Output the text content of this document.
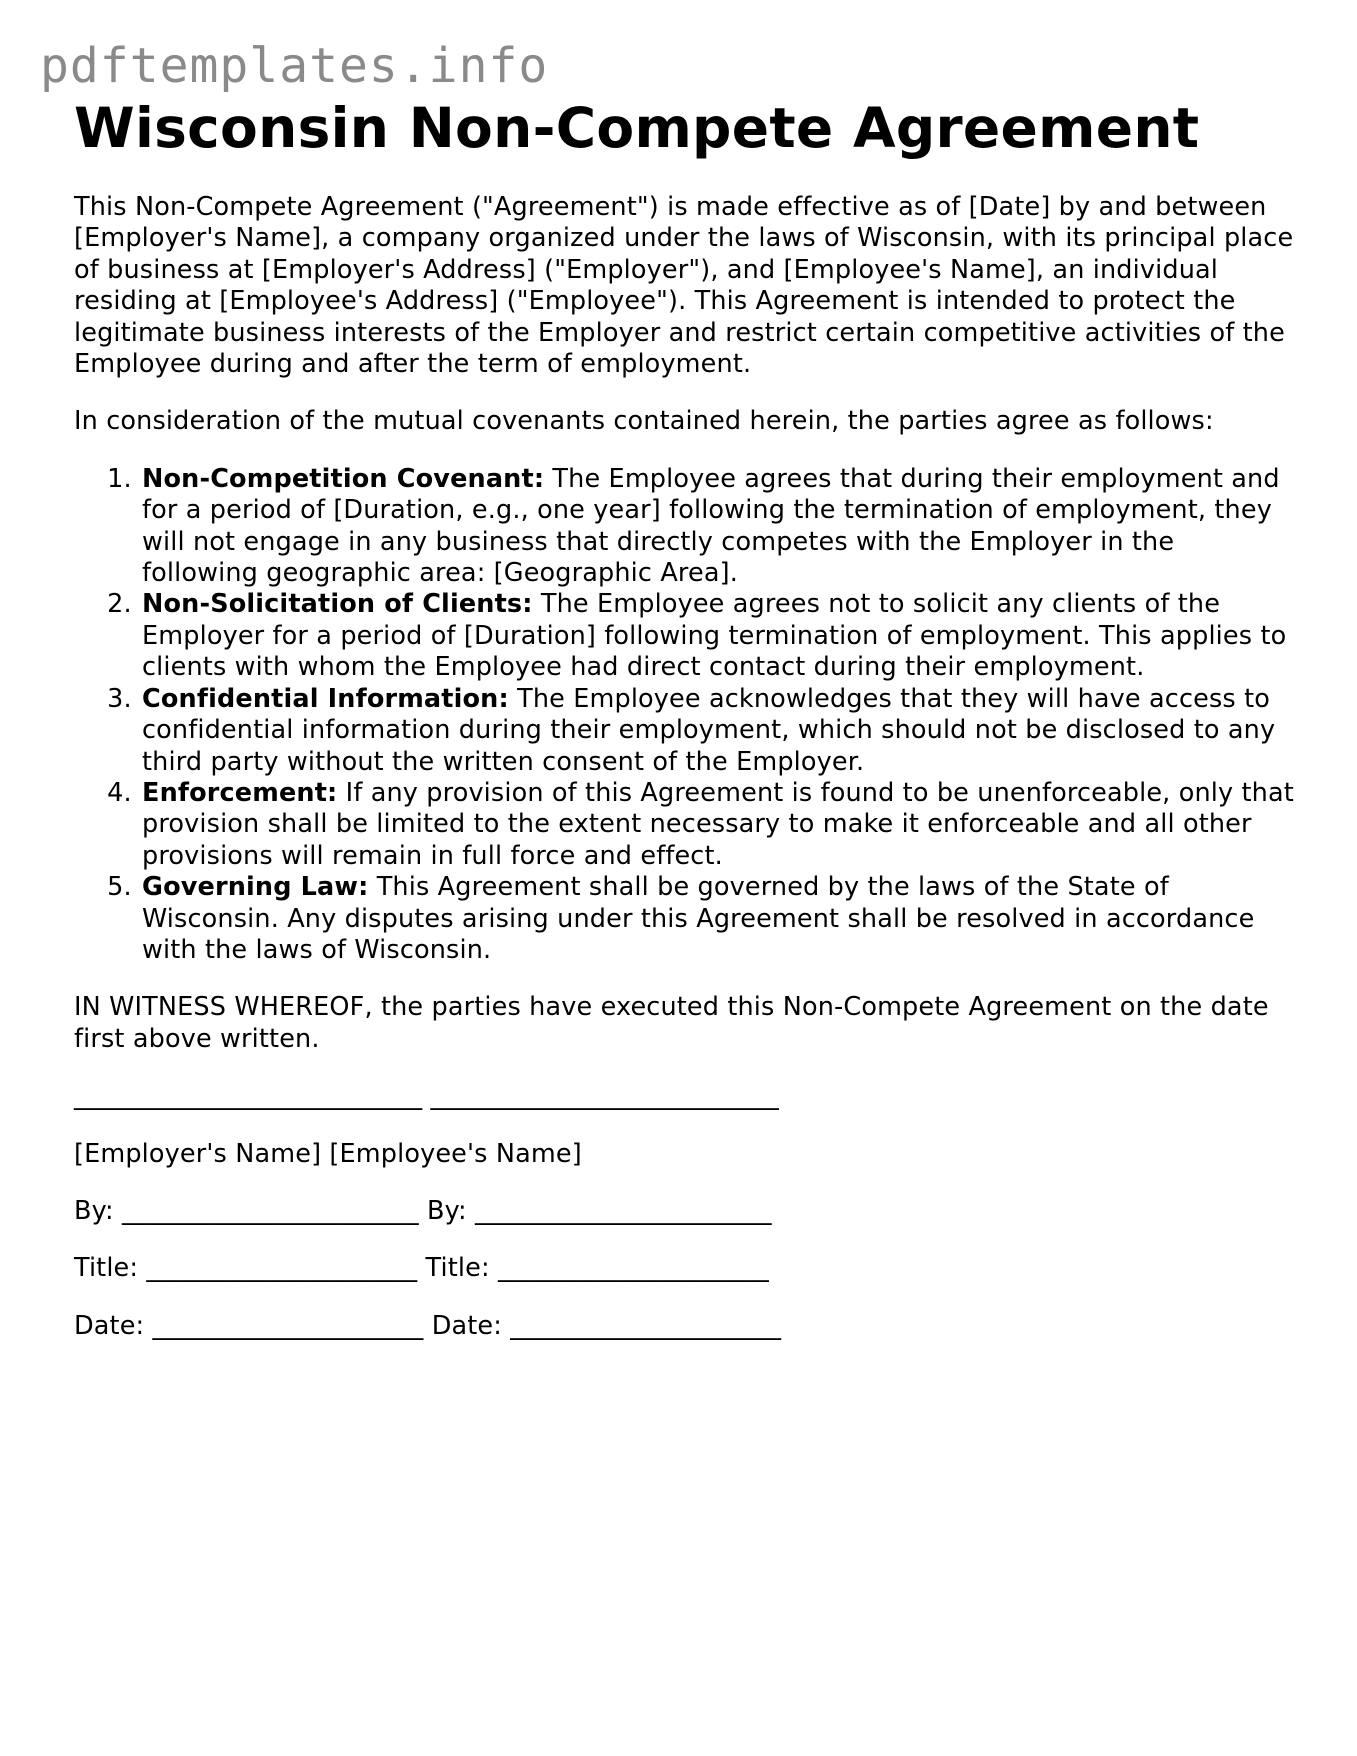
pdftemplates.info
Wisconsin Non-Compete Agreement

This Non-Compete Agreement ("Agreement") is made effective as of [Date] by and between [Employer's Name], a company organized under the laws of Wisconsin, with its principal place of business at [Employer's Address] ("Employer"), and [Employee's Name], an individual residing at [Employee's Address] ("Employee"). This Agreement is intended to protect the legitimate business interests of the Employer and restrict certain competitive activities of the Employee during and after the term of employment.

In consideration of the mutual covenants contained herein, the parties agree as follows:

1. Non-Competition Covenant: The Employee agrees that during their employment and for a period of [Duration, e.g., one year] following the termination of employment, they will not engage in any business that directly competes with the Employer in the following geographic area: [Geographic Area].
2. Non-Solicitation of Clients: The Employee agrees not to solicit any clients of the Employer for a period of [Duration] following termination of employment. This applies to clients with whom the Employee had direct contact during their employment.
3. Confidential Information: The Employee acknowledges that they will have access to confidential information during their employment, which should not be disclosed to any third party without the written consent of the Employer.
4. Enforcement: If any provision of this Agreement is found to be unenforceable, only that provision shall be limited to the extent necessary to make it enforceable and all other provisions will remain in full force and effect.
5. Governing Law: This Agreement shall be governed by the laws of the State of Wisconsin. Any disputes arising under this Agreement shall be resolved in accordance with the laws of Wisconsin.

IN WITNESS WHEREOF, the parties have executed this Non-Compete Agreement on the date first above written.

___________________________ ___________________________

[Employer's Name] [Employee's Name]

By: _______________________ By: _______________________

Title: _____________________ Title: _____________________

Date: _____________________ Date: _____________________
